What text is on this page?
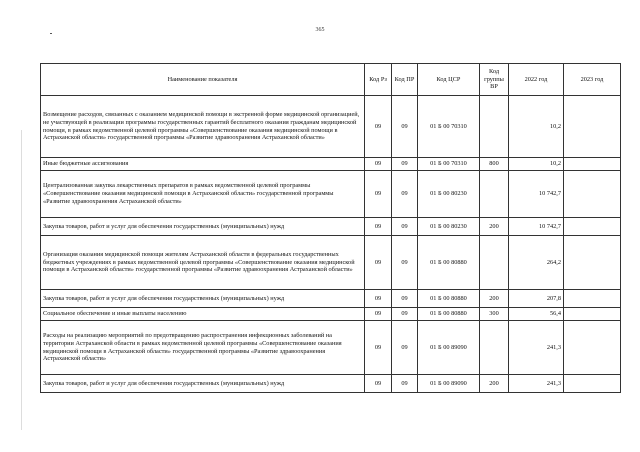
365
Наименование показателя	Код Рз	Код ПР	Код ЦСР	Код группы ВР	2022 год	2023 год
Возмещение расходов, связанных с оказанием медицинской помощи в экстренной форме медицинской организацией, не участвующей в реализации программы государственных гарантий бесплатного оказания гражданам медицинской помощи, в рамках ведомственной целевой программы «Совершенствование оказания медицинской помощи в Астраханской области» государственной программы «Развитие здравоохранения Астраханской области»	09	09	01 Б 00 70310		10,2	
Иные бюджетные ассигнования	09	09	01 Б 00 70310	800	10,2	
Централизованная закупка лекарственных препаратов в рамках ведомственной целевой программы «Совершенствование оказания медицинской помощи в Астраханской области» государственной программы «Развитие здравоохранения Астраханской области»	09	09	01 Б 00 80230		10 742,7	
Закупка товаров, работ и услуг для обеспечения государственных (муниципальных) нужд	09	09	01 Б 00 80230	200	10 742,7	
Организация оказания медицинской помощи жителям Астраханской области в федеральных государственных бюджетных учреждениях в рамках ведомственной целевой программы «Совершенствование оказания медицинской помощи в Астраханской области» государственной программы «Развитие здравоохранения Астраханской области»	09	09	01 Б 00 80880		264,2	
Закупка товаров, работ и услуг для обеспечения государственных (муниципальных) нужд	09	09	01 Б 00 80880	200	207,8	
Социальное обеспечение и иные выплаты населению	09	09	01 Б 00 80880	300	56,4	
Расходы на реализацию мероприятий по предотвращению распространения инфекционных заболеваний на территории Астраханской области в рамках ведомственной целевой программы «Совершенствование оказания медицинской помощи в Астраханской области» государственной программы «Развитие здравоохранения Астраханской области»	09	09	01 Б 00 89090		241,3	
Закупка товаров, работ и услуг для обеспечения государственных (муниципальных) нужд	09	09	01 Б 00 89090	200	241,3	
